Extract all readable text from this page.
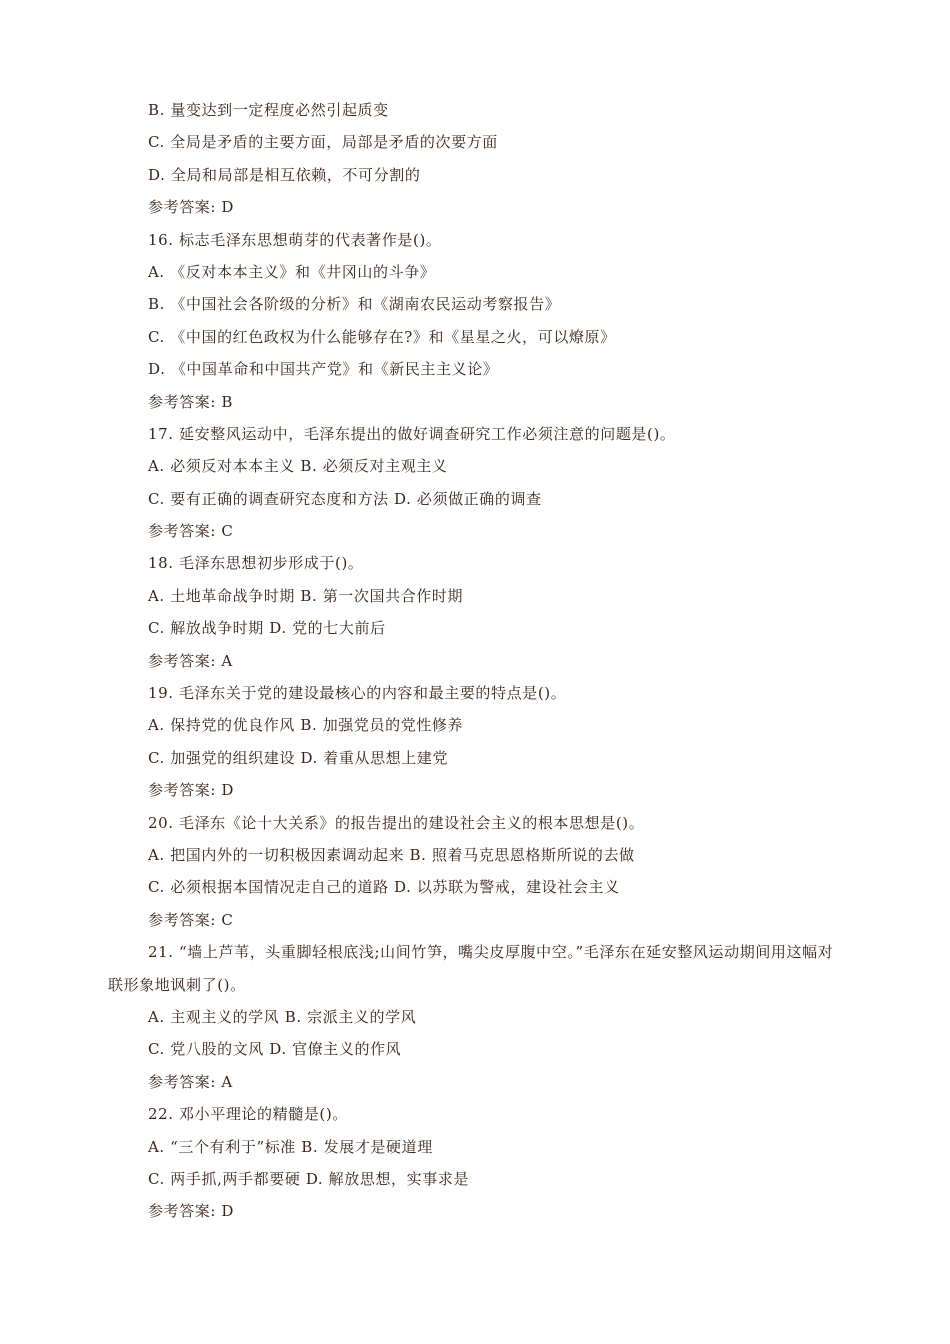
B. 量变达到一定程度必然引起质变
C. 全局是矛盾的主要方面，局部是矛盾的次要方面
D. 全局和局部是相互依赖，不可分割的
参考答案: D
16. 标志毛泽东思想萌芽的代表著作是()。
A. 《反对本本主义》和《井冈山的斗争》
B. 《中国社会各阶级的分析》和《湖南农民运动考察报告》
C. 《中国的红色政权为什么能够存在?》和《星星之火，可以燎原》
D. 《中国革命和中国共产党》和《新民主主义论》
参考答案: B
17. 延安整风运动中，毛泽东提出的做好调查研究工作必须注意的问题是()。
A. 必须反对本本主义 B. 必须反对主观主义
C. 要有正确的调查研究态度和方法 D. 必须做正确的调查
参考答案: C
18. 毛泽东思想初步形成于()。
A. 土地革命战争时期 B. 第一次国共合作时期
C. 解放战争时期 D. 党的七大前后
参考答案: A
19. 毛泽东关于党的建设最核心的内容和最主要的特点是()。
A. 保持党的优良作风 B. 加强党员的党性修养
C. 加强党的组织建设 D. 着重从思想上建党
参考答案: D
20. 毛泽东《论十大关系》的报告提出的建设社会主义的根本思想是()。
A. 把国内外的一切积极因素调动起来 B. 照着马克思恩格斯所说的去做
C. 必须根据本国情况走自己的道路 D. 以苏联为警戒，建设社会主义
参考答案: C
21. “墙上芦苇，头重脚轻根底浅;山间竹笋，嘴尖皮厚腹中空。”毛泽东在延安整风运动期间用这幅对联形象地讽刺了()。
A. 主观主义的学风 B. 宗派主义的学风
C. 党八股的文风 D. 官僚主义的作风
参考答案: A
22. 邓小平理论的精髓是()。
A. “三个有利于”标准 B. 发展才是硬道理
C. 两手抓,两手都要硬 D. 解放思想，实事求是
参考答案: D
